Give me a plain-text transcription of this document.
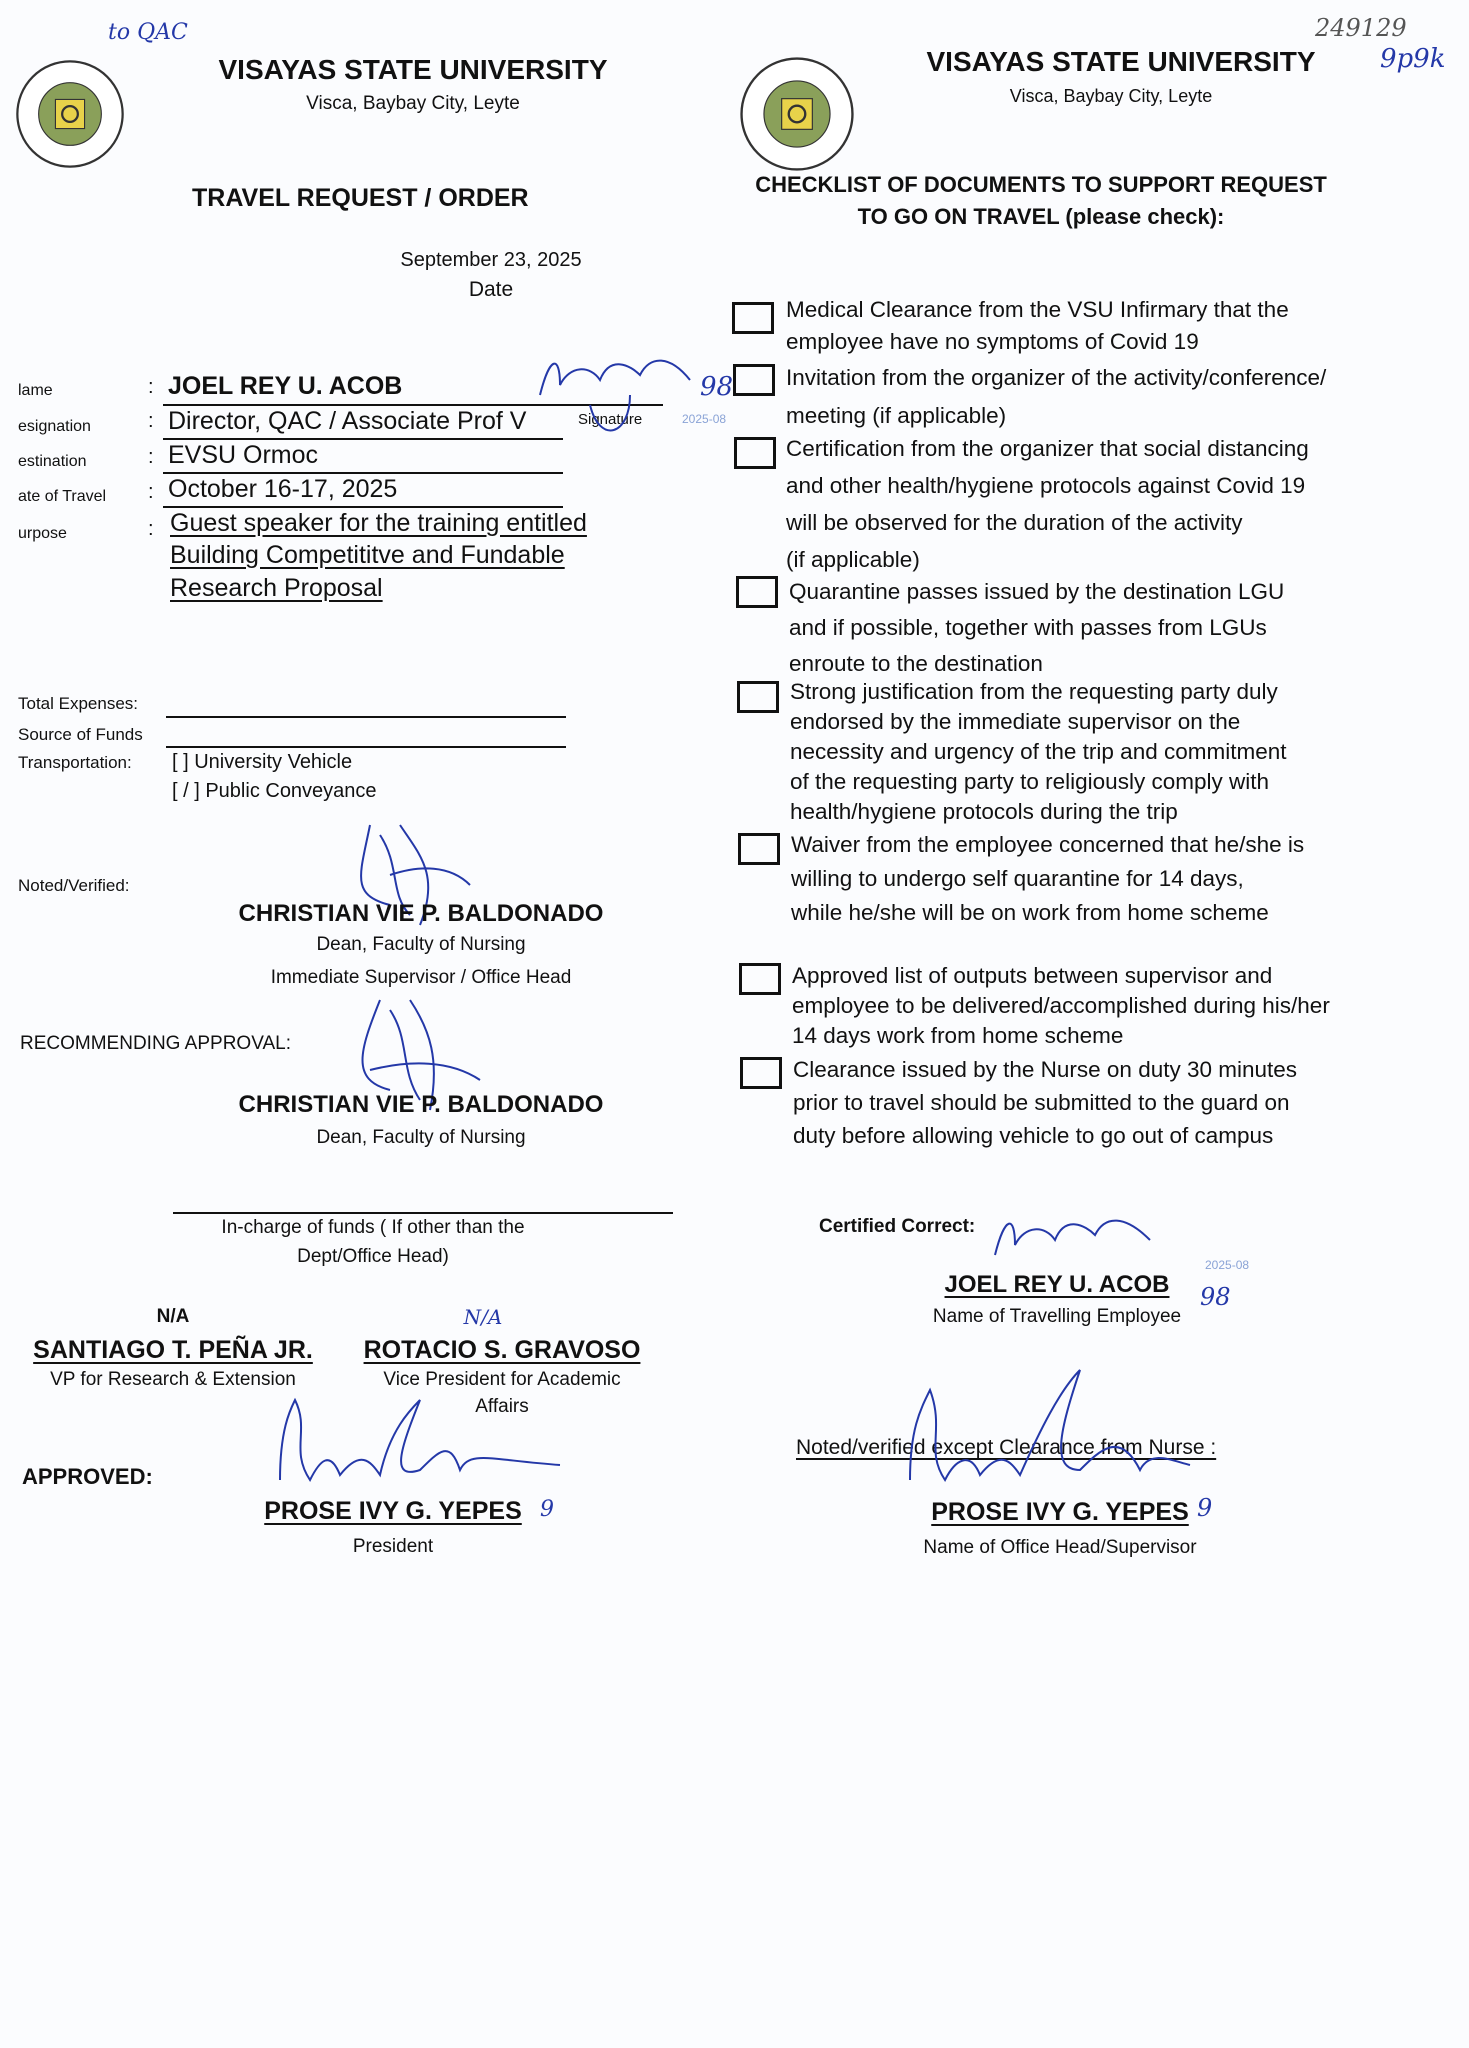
VISAYAS STATE UNIVERSITY
Visca, Baybay City, Leyte
TRAVEL REQUEST / ORDER
September 23, 2025
Date
lame
esignation
estination
ate of Travel
urpose
:
:
:
:
:
JOEL REY U. ACOB
Director, QAC / Associate Prof V
EVSU Ormoc
October 16-17, 2025
Guest speaker for the training entitled
Building Competititve and Fundable
Research Proposal
Signature
98
2025-08
Total Expenses:
Source of Funds
Transportation: [ ] University Vehicle
[ / ] Public Conveyance
Noted/Verified:
CHRISTIAN VIE P. BALDONADO
Dean, Faculty of Nursing
Immediate Supervisor / Office Head
RECOMMENDING APPROVAL:
CHRISTIAN VIE P. BALDONADO
Dean, Faculty of Nursing
In-charge of funds ( If other than the
Dept/Office Head)
N/A
SANTIAGO T. PEÑA JR.
VP for Research & Extension
N/A
ROTACIO S. GRAVOSO
Vice President for Academic
Affairs
APPROVED:
PROSE IVY G. YEPES 9
President
to QAC
VISAYAS STATE UNIVERSITY
Visca, Baybay City, Leyte
249129
9p9k
CHECKLIST OF DOCUMENTS TO SUPPORT REQUEST
TO GO ON TRAVEL (please check):
Medical Clearance from the VSU Infirmary that the
employee have no symptoms of Covid 19
Invitation from the organizer of the activity/conference/
meeting (if applicable)
Certification from the organizer that social distancing
and other health/hygiene protocols against Covid 19
will be observed for the duration of the activity
(if applicable)
Quarantine passes issued by the destination LGU
and if possible, together with passes from LGUs
enroute to the destination
Strong justification from the requesting party duly
endorsed by the immediate supervisor on the
necessity and urgency of the trip and commitment
of the requesting party to religiously comply with
health/hygiene protocols during the trip
Waiver from the employee concerned that he/she is
willing to undergo self quarantine for 14 days,
while he/she will be on work from home scheme
Approved list of outputs between supervisor and
employee to be delivered/accomplished during his/her
14 days work from home scheme
Clearance issued by the Nurse on duty 30 minutes
prior to travel should be submitted to the guard on
duty before allowing vehicle to go out of campus
Certified Correct:
2025-08
JOEL REY U. ACOB 98
Name of Travelling Employee
Noted/verified except Clearance from Nurse :
PROSE IVY G. YEPES 9
Name of Office Head/Supervisor
